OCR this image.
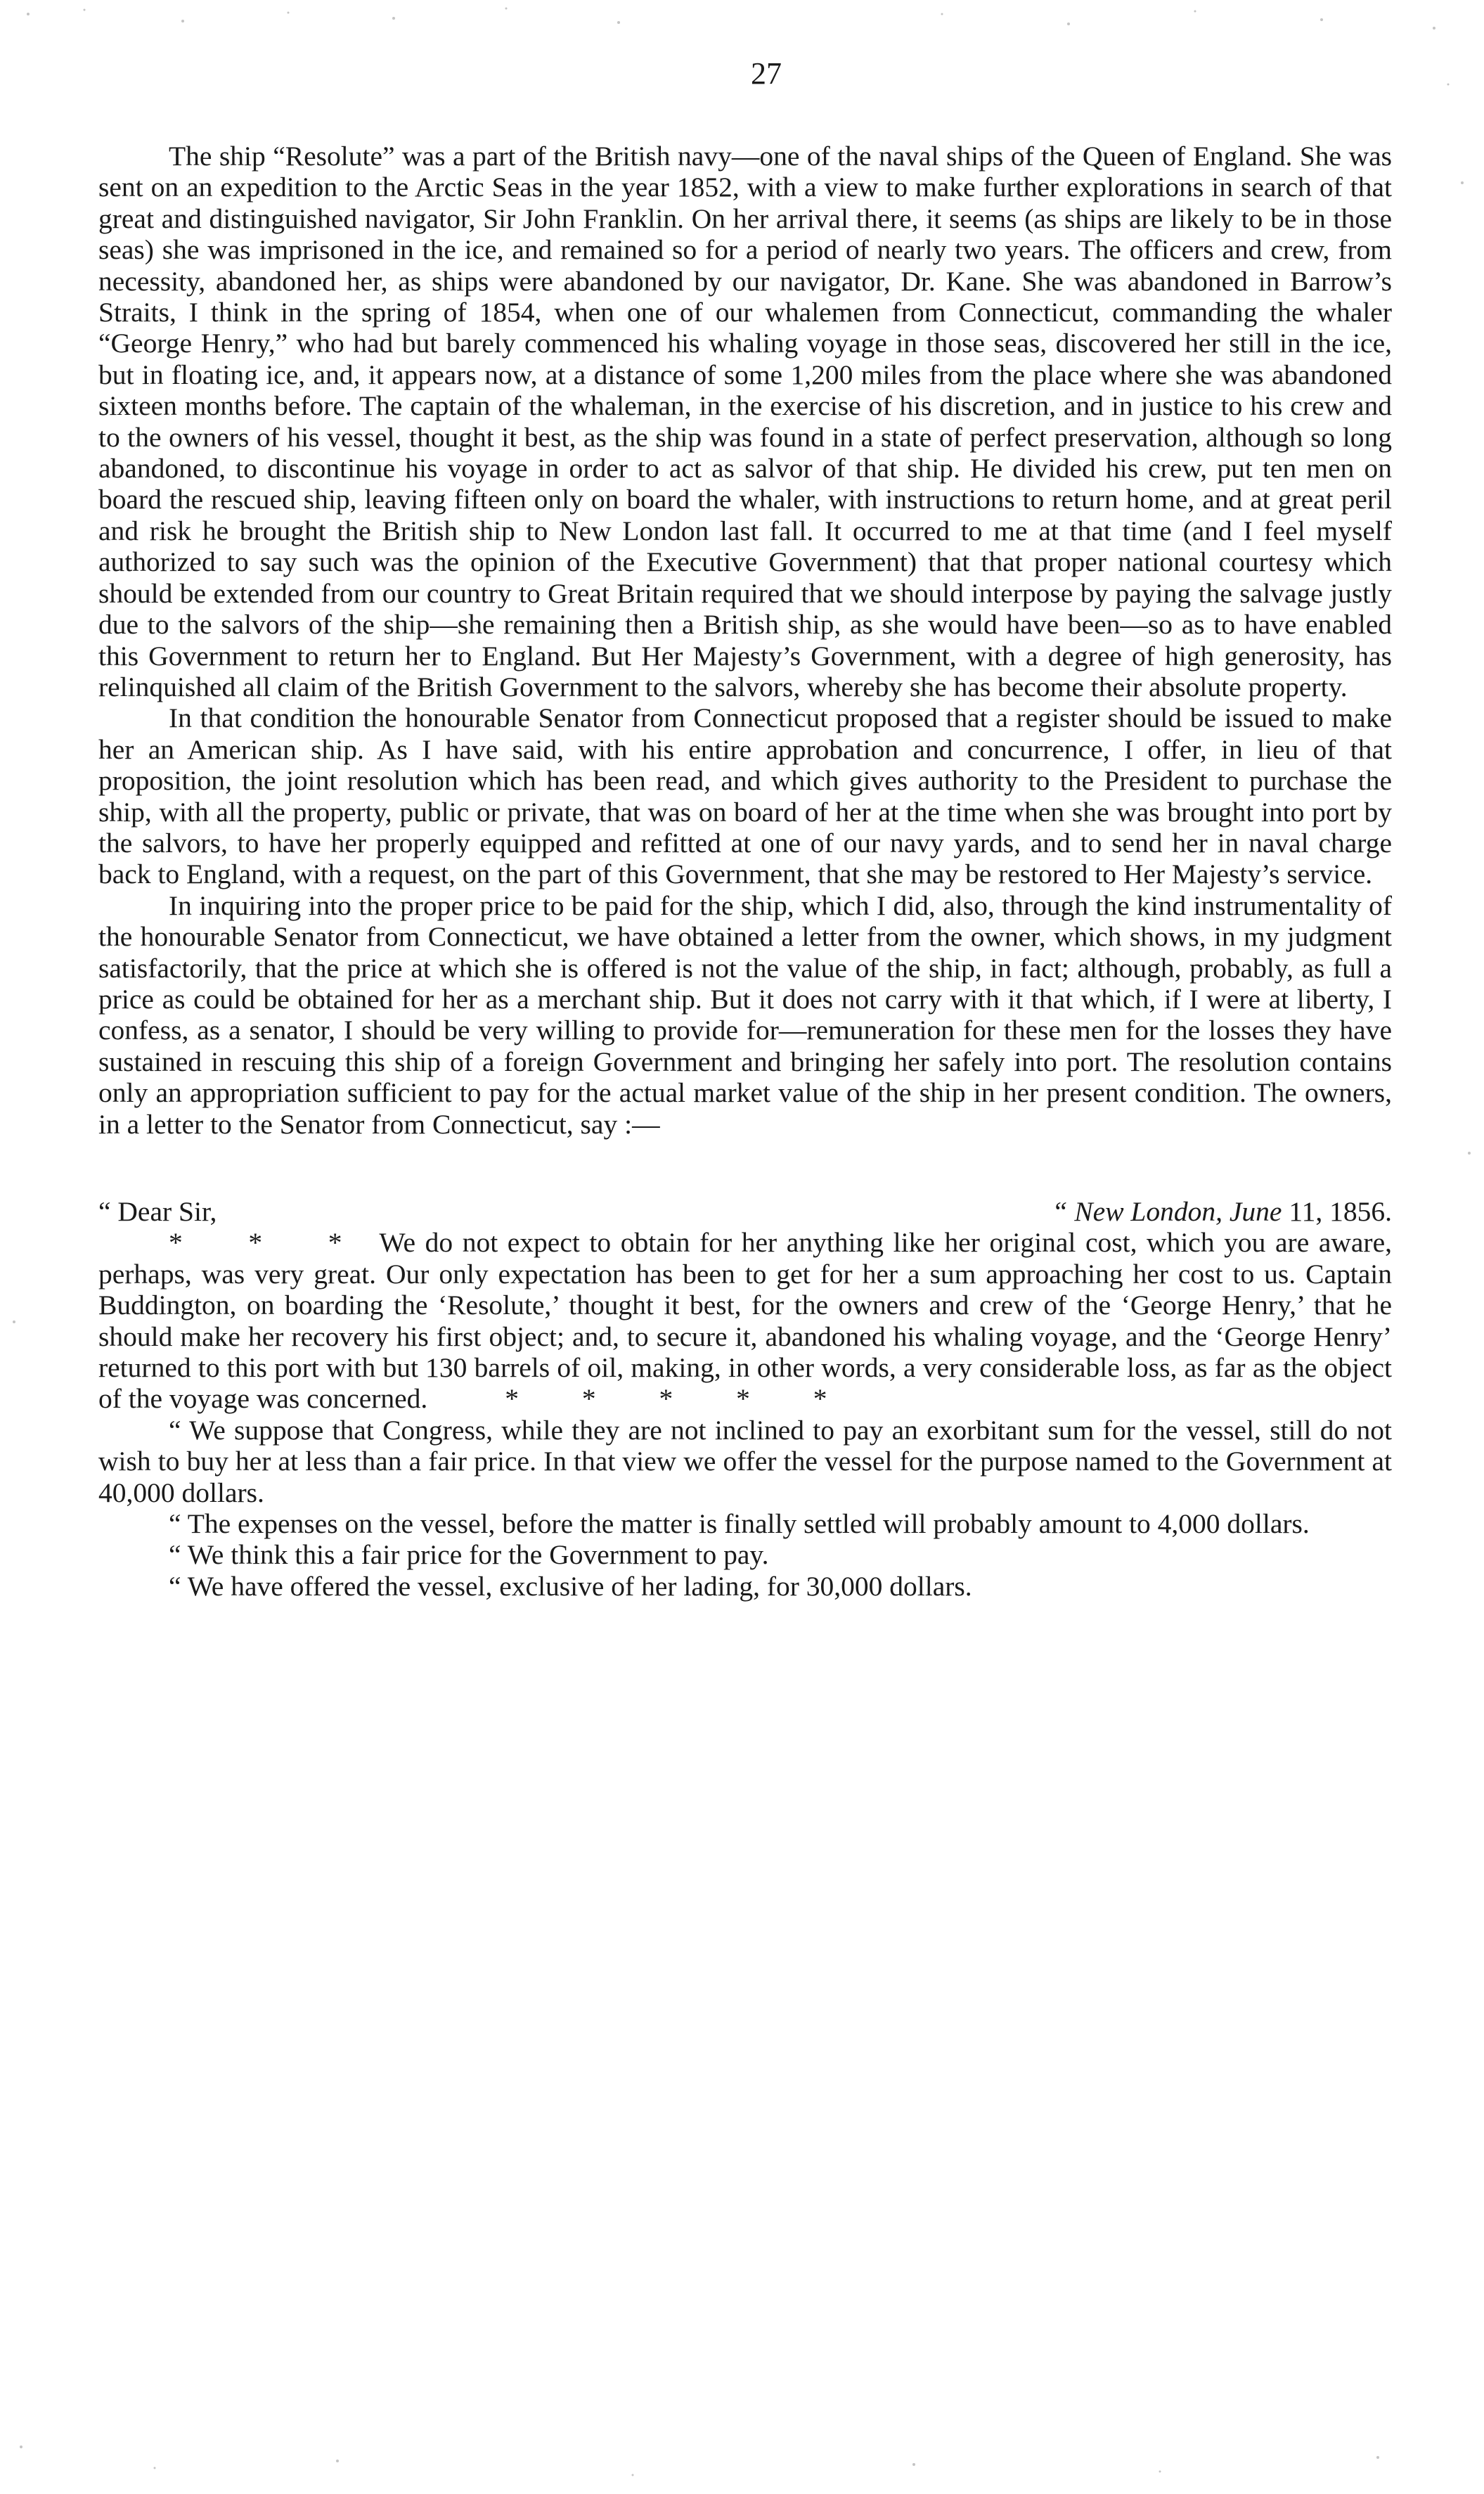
27

The ship “Resolute” was a part of the British navy—one of the naval ships of the Queen of England. She was sent on an expedition to the Arctic Seas in the year 1852, with a view to make further explorations in search of that great and distinguished navigator, Sir John Franklin. On her arrival there, it seems (as ships are likely to be in those seas) she was imprisoned in the ice, and remained so for a period of nearly two years. The officers and crew, from necessity, abandoned her, as ships were abandoned by our navigator, Dr. Kane. She was abandoned in Barrow’s Straits, I think in the spring of 1854, when one of our whalemen from Connecticut, commanding the whaler “George Henry,” who had but barely commenced his whaling voyage in those seas, discovered her still in the ice, but in floating ice, and, it appears now, at a distance of some 1,200 miles from the place where she was abandoned sixteen months before. The captain of the whaleman, in the exercise of his discretion, and in justice to his crew and to the owners of his vessel, thought it best, as the ship was found in a state of perfect preservation, although so long abandoned, to discontinue his voyage in order to act as salvor of that ship. He divided his crew, put ten men on board the rescued ship, leaving fifteen only on board the whaler, with instructions to return home, and at great peril and risk he brought the British ship to New London last fall. It occurred to me at that time (and I feel myself authorized to say such was the opinion of the Executive Government) that that proper national courtesy which should be extended from our country to Great Britain required that we should interpose by paying the salvage justly due to the salvors of the ship—she remaining then a British ship, as she would have been—so as to have enabled this Government to return her to England. But Her Majesty’s Government, with a degree of high generosity, has relinquished all claim of the British Government to the salvors, whereby she has become their absolute property.

In that condition the honourable Senator from Connecticut proposed that a register should be issued to make her an American ship. As I have said, with his entire approbation and concurrence, I offer, in lieu of that proposition, the joint resolution which has been read, and which gives authority to the President to purchase the ship, with all the property, public or private, that was on board of her at the time when she was brought into port by the salvors, to have her properly equipped and refitted at one of our navy yards, and to send her in naval charge back to England, with a request, on the part of this Government, that she may be restored to Her Majesty’s service.

In inquiring into the proper price to be paid for the ship, which I did, also, through the kind instrumentality of the honourable Senator from Connecticut, we have obtained a letter from the owner, which shows, in my judgment satisfactorily, that the price at which she is offered is not the value of the ship, in fact; although, probably, as full a price as could be obtained for her as a merchant ship. But it does not carry with it that which, if I were at liberty, I confess, as a senator, I should be very willing to provide for—remuneration for these men for the losses they have sustained in rescuing this ship of a foreign Government and bringing her safely into port. The resolution contains only an appropriation sufficient to pay for the actual market value of the ship in her present condition. The owners, in a letter to the Senator from Connecticut, say :—

“ Dear Sir,	“ New London, June 11, 1856.

* * * We do not expect to obtain for her anything like her original cost, which you are aware, perhaps, was very great. Our only expectation has been to get for her a sum approaching her cost to us. Captain Buddington, on boarding the ‘Resolute,’ thought it best, for the owners and crew of the ‘George Henry,’ that he should make her recovery his first object; and, to secure it, abandoned his whaling voyage, and the ‘George Henry’ returned to this port with but 130 barrels of oil, making, in other words, a very considerable loss, as far as the object of the voyage was concerned.	* * * * *

“ We suppose that Congress, while they are not inclined to pay an exorbitant sum for the vessel, still do not wish to buy her at less than a fair price. In that view we offer the vessel for the purpose named to the Government at 40,000 dollars.

“ The expenses on the vessel, before the matter is finally settled will probably amount to 4,000 dollars.

“ We think this a fair price for the Government to pay.

“ We have offered the vessel, exclusive of her lading, for 30,000 dollars.
